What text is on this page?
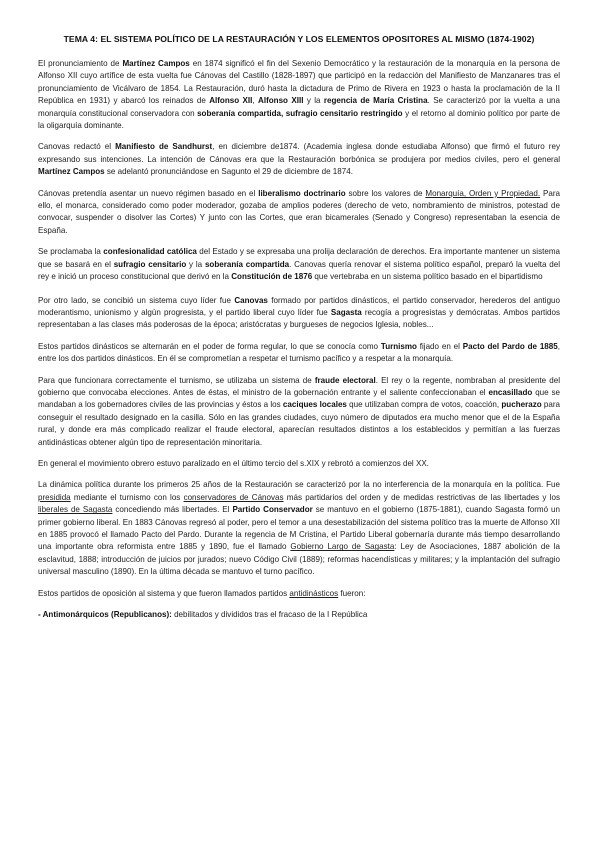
TEMA 4: EL SISTEMA POLÍTICO DE LA RESTAURACIÓN Y LOS ELEMENTOS OPOSITORES AL MISMO (1874-1902)

El pronunciamiento de Martínez Campos en 1874 significó el fin del Sexenio Democrático y la restauración de la monarquía en la persona de Alfonso XII cuyo artífice de esta vuelta fue Cánovas del Castillo (1828-1897) que participó en la redacción del Manifiesto de Manzanares tras el pronunciamiento de Vicálvaro de 1854. La Restauración, duró hasta la dictadura de Primo de Rivera en 1923 o hasta la proclamación de la II República en 1931) y abarcó los reinados de Alfonso XII, Alfonso XIII y la regencia de María Cristina. Se caracterizó por la vuelta a una monarquía constitucional conservadora con soberanía compartida, sufragio censitario restringido y el retorno al dominio político por parte de la oligarquía dominante.

Canovas redactó el Manifiesto de Sandhurst, en diciembre de1874. (Academia inglesa donde estudiaba Alfonso) que firmó el futuro rey expresando sus intenciones. La intención de Cánovas era que la Restauración borbónica se produjera por medios civiles, pero el general Martínez Campos se adelantó pronunciándose en Sagunto el 29 de diciembre de 1874.

Cánovas pretendía asentar un nuevo régimen basado en el liberalismo doctrinario sobre los valores de Monarquía, Orden y Propiedad. Para ello, el monarca, considerado como poder moderador, gozaba de amplios poderes (derecho de veto, nombramiento de ministros, potestad de convocar, suspender o disolver las Cortes) Y junto con las Cortes, que eran bicamerales (Senado y Congreso) representaban la esencia de España.

Se proclamaba la confesionalidad católica del Estado y se expresaba una prolija declaración de derechos. Era importante mantener un sistema que se basará en el sufragio censitario y la soberanía compartida. Canovas quería renovar el sistema político español, preparó la vuelta del rey e inició un proceso constitucional que derivó en la Constitución de 1876 que vertebraba en un sistema político basado en el bipartidismo

Por otro lado, se concibió un sistema cuyo líder fue Canovas formado por partidos dinásticos, el partido conservador, herederos del antiguo moderantismo, unionismo y algún progresista, y el partido liberal cuyo líder fue Sagasta recogía a progresistas y demócratas. Ambos partidos representaban a las clases más poderosas de la época; aristócratas y burgueses de negocios Iglesia, nobles...

Estos partidos dinásticos se alternarán en el poder de forma regular, lo que se conocía como Turnismo fijado en el Pacto del Pardo de 1885, entre los dos partidos dinásticos. En él se comprometían a respetar el turnismo pacífico y a respetar a la monarquía.

Para que funcionara correctamente el turnismo, se utilizaba un sistema de fraude electoral. El rey o la regente, nombraban al presidente del gobierno que convocaba elecciones. Antes de éstas, el ministro de la gobernación entrante y el saliente confeccionaban el encasillado que se mandaban a los gobernadores civiles de las provincias y éstos a los caciques locales que utilizaban compra de votos, coacción, pucherazo para conseguir el resultado designado en la casilla. Sólo en las grandes ciudades, cuyo número de diputados era mucho menor que el de la España rural, y donde era más complicado realizar el fraude electoral, aparecían resultados distintos a los establecidos y permitían a las fuerzas antidinásticas obtener algún tipo de representación minoritaria.

En general el movimiento obrero estuvo paralizado en el último tercio del s.XIX y rebrotó a comienzos del XX.

La dinámica política durante los primeros 25 años de la Restauración se caracterizó por la no interferencia de la monarquía en la política. Fue presidida mediante el turnismo con los conservadores de Cánovas más partidarios del orden y de medidas restrictivas de las libertades y los liberales de Sagasta concediendo más libertades. El Partido Conservador se mantuvo en el gobierno (1875-1881), cuando Sagasta formó un primer gobierno liberal. En 1883 Cánovas regresó al poder, pero el temor a una desestabilización del sistema político tras la muerte de Alfonso XII en 1885 provocó el llamado Pacto del Pardo. Durante la regencia de M Cristina, el Partido Liberal gobernaría durante más tiempo desarrollando una importante obra reformista entre 1885 y 1890, fue el llamado Gobierno Largo de Sagasta: Ley de Asociaciones, 1887 abolición de la esclavitud, 1888; introducción de juicios por jurados; nuevo Código Civil (1889); reformas hacendísticas y militares; y la implantación del sufragio universal masculino (1890). En la última década se mantuvo el turno pacífico.

Estos partidos de oposición al sistema y que fueron llamados partidos antidinásticos fueron:

- Antimonárquicos (Republicanos): debilitados y divididos tras el fracaso de la I República
